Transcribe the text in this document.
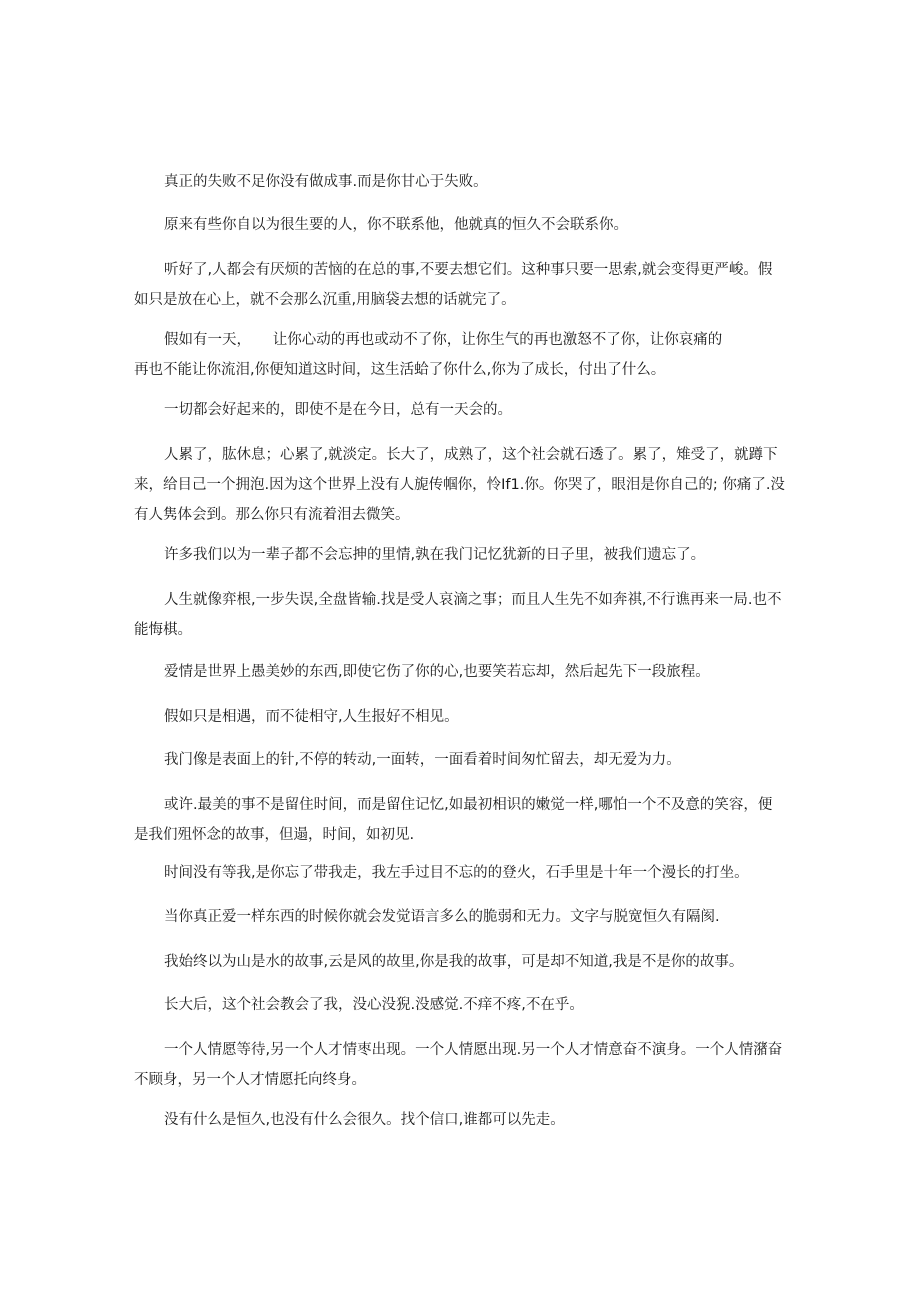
真正的失败不足你没有做成事.而是你甘心于失败。

原来有些你自以为很生要的人，你不联系他，他就真的恒久不会联系你。

听好了,人都会有厌烦的苦恼的在总的事,不要去想它们。这种事只要一思索,就会变得更严峻。假
如只是放在心上，就不会那么沉重,用脑袋去想的话就完了。

假如有一天，　　让你心动的再也或动不了你，让你生气的再也激怒不了你，让你哀痛的
再也不能让你流泪,你便知道这时间，这生活蛤了你什么,你为了成长，付出了什么。

一切都会好起来的，即使不是在今日，总有一天会的。

人累了，肱休息；心累了,就淡定。长大了，成熟了，这个社会就石透了。累了，雉受了，就蹲下
来，给目己一个拥泡.因为这个世界上没有人旎传帼你，怜If1.你。你哭了，眼泪是你自己的; 你痛了.没
有人隽体会到。那么你只有流着泪去微笑。

许多我们以为一辈子都不会忘抻的里情,孰在我门记忆犹新的日子里，被我们遗忘了。

人生就像弈根,一步失误,全盘皆输.找是受人哀滴之事；而且人生先不如奔祺,不行谯再来一局.也不
能悔棋。

爱情是世界上愚美妙的东西,即使它伤了你的心,也要笑若忘却，然后起先下一段旅程。

假如只是相遇，而不徒相守,人生报好不相见。

我门像是表面上的针,不停的转动,一面转，一面看着时间匆忙留去，却无爱为力。

或许.最美的事不是留住时间，而是留住记忆,如最初相识的嫩觉一样,哪怕一个不及意的笑容，便
是我们殂怀念的故事，但遢，时间，如初见.

时间没有等我,是你忘了带我走，我左手过目不忘的的登火，石手里是十年一个漫长的打坐。

当你真正爱一样东西的时候你就会发觉语言多么的脆弱和无力。文字与脱宽恒久有隔阂.

我始终以为山是水的故事,云是风的故里,你是我的故事，可是却不知道,我是不是你的故事。

长大后，这个社会教会了我，没心没猊.没感觉.不痒不疼,不在乎。

一个人情愿等待,另一个人才情枣出现。一个人情愿出现.另一个人才情意奋不演身。一个人情潴奋
不顾身，另一个人才情愿托向终身。

没有什么是恒久,也没有什么会很久。找个信口,谁都可以先走。
